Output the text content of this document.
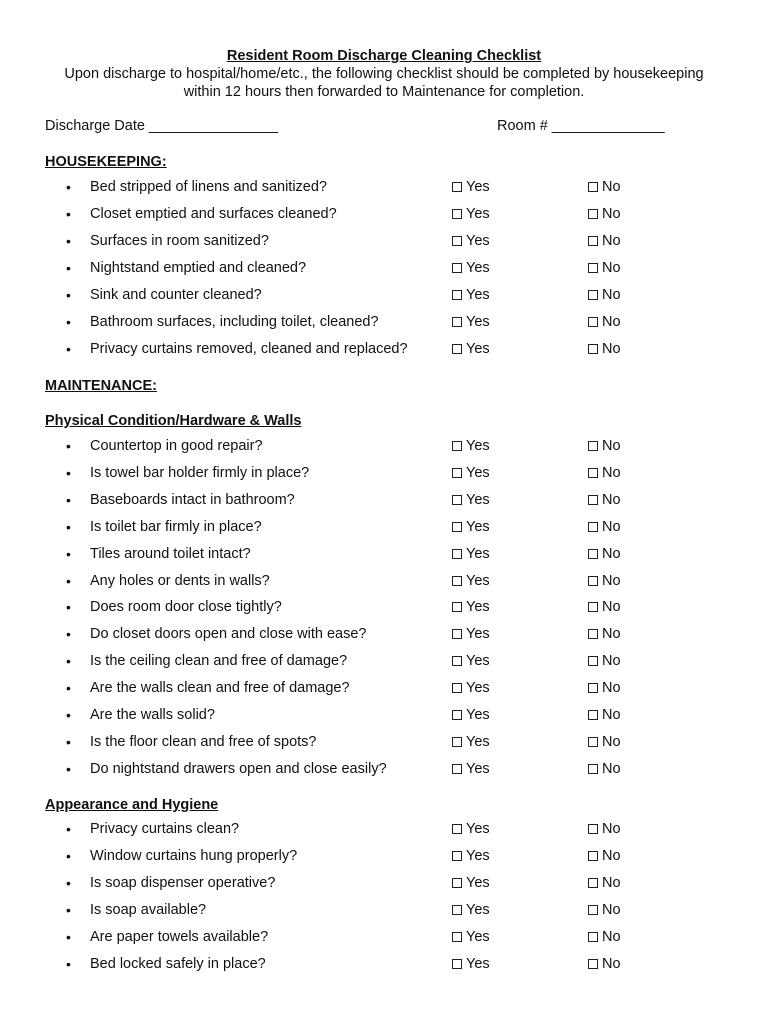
Resident Room Discharge Cleaning Checklist
Upon discharge to hospital/home/etc., the following checklist should be completed by housekeeping
within 12 hours then forwarded to Maintenance for completion.
Discharge Date ________________	Room # ______________
HOUSEKEEPING:
• Bed stripped of linens and sanitized?	Yes	No
• Closet emptied and surfaces cleaned?	Yes	No
• Surfaces in room sanitized?	Yes	No
• Nightstand emptied and cleaned?	Yes	No
• Sink and counter cleaned?	Yes	No
• Bathroom surfaces, including toilet, cleaned?	Yes	No
• Privacy curtains removed, cleaned and replaced?	Yes	No
MAINTENANCE:
Physical Condition/Hardware & Walls
• Countertop in good repair?	Yes	No
• Is towel bar holder firmly in place?	Yes	No
• Baseboards intact in bathroom?	Yes	No
• Is toilet bar firmly in place?	Yes	No
• Tiles around toilet intact?	Yes	No
• Any holes or dents in walls?	Yes	No
• Does room door close tightly?	Yes	No
• Do closet doors open and close with ease?	Yes	No
• Is the ceiling clean and free of damage?	Yes	No
• Are the walls clean and free of damage?	Yes	No
• Are the walls solid?	Yes	No
• Is the floor clean and free of spots?	Yes	No
• Do nightstand drawers open and close easily?	Yes	No
Appearance and Hygiene
• Privacy curtains clean?	Yes	No
• Window curtains hung properly?	Yes	No
• Is soap dispenser operative?	Yes	No
• Is soap available?	Yes	No
• Are paper towels available?	Yes	No
• Bed locked safely in place?	Yes	No
